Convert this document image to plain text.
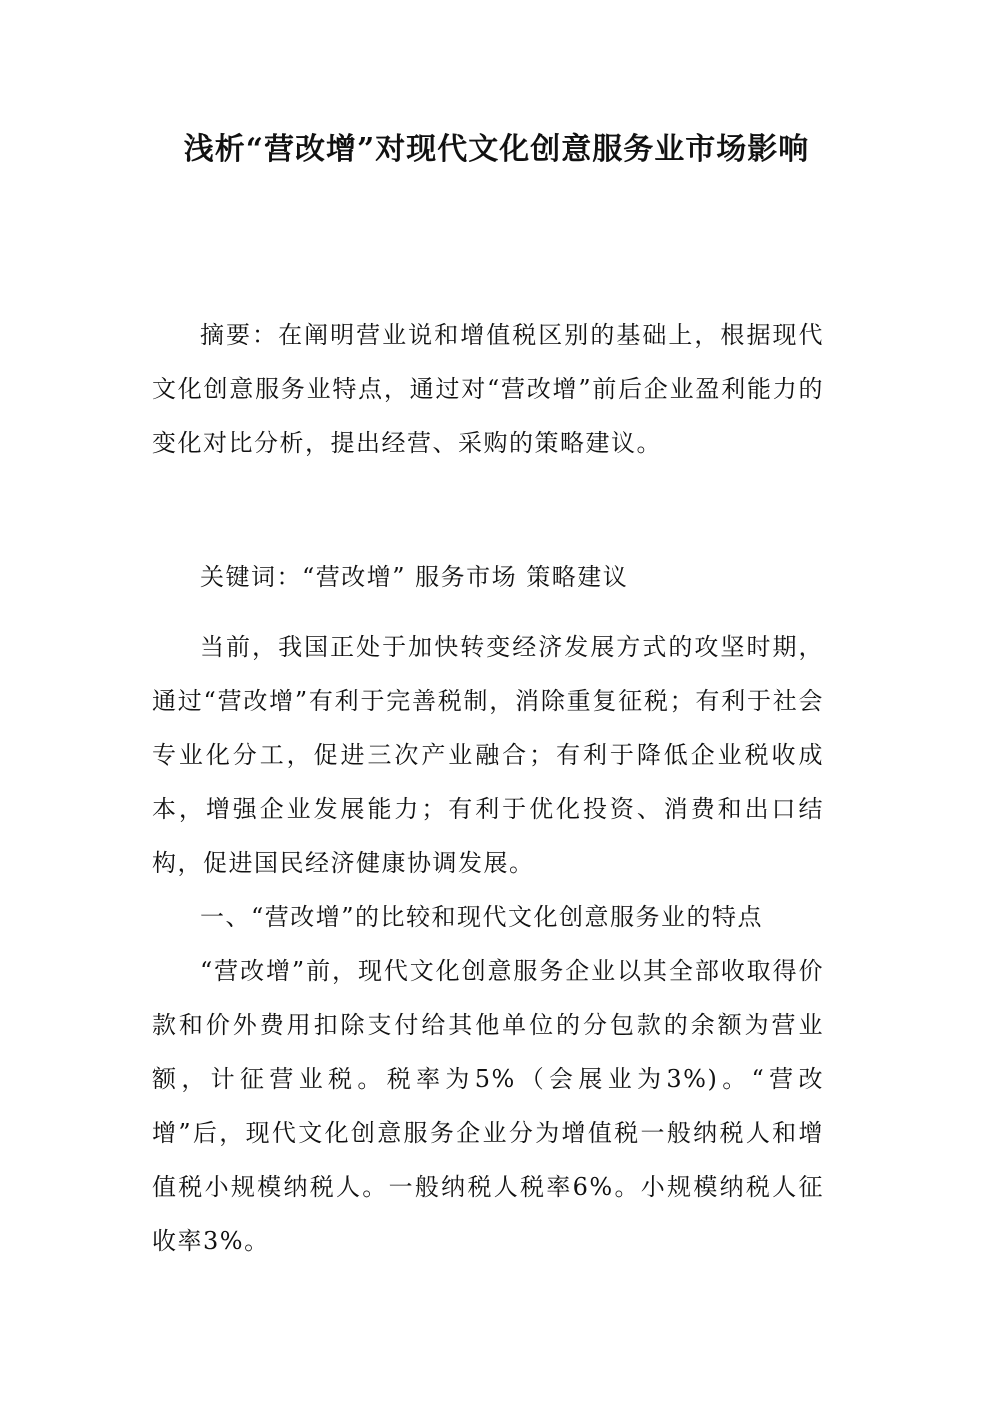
浅析“营改增”对现代文化创意服务业市场影响

摘要：在阐明营业说和增值税区别的基础上，根据现代文化创意服务业特点，通过对“营改增”前后企业盈利能力的变化对比分析，提出经营、采购的策略建议。

关键词：“营改增” 服务市场 策略建议

当前，我国正处于加快转变经济发展方式的攻坚时期，通过“营改增”有利于完善税制，消除重复征税；有利于社会专业化分工，促进三次产业融合；有利于降低企业税收成本，增强企业发展能力；有利于优化投资、消费和出口结构，促进国民经济健康协调发展。

一、“营改增”的比较和现代文化创意服务业的特点

“营改增”前，现代文化创意服务企业以其全部收取得价款和价外费用扣除支付给其他单位的分包款的余额为营业额，计征营业税。税率为5%（会展业为3%)。“营改增”后，现代文化创意服务企业分为增值税一般纳税人和增值税小规模纳税人。一般纳税人税率6%。小规模纳税人征收率3%。
